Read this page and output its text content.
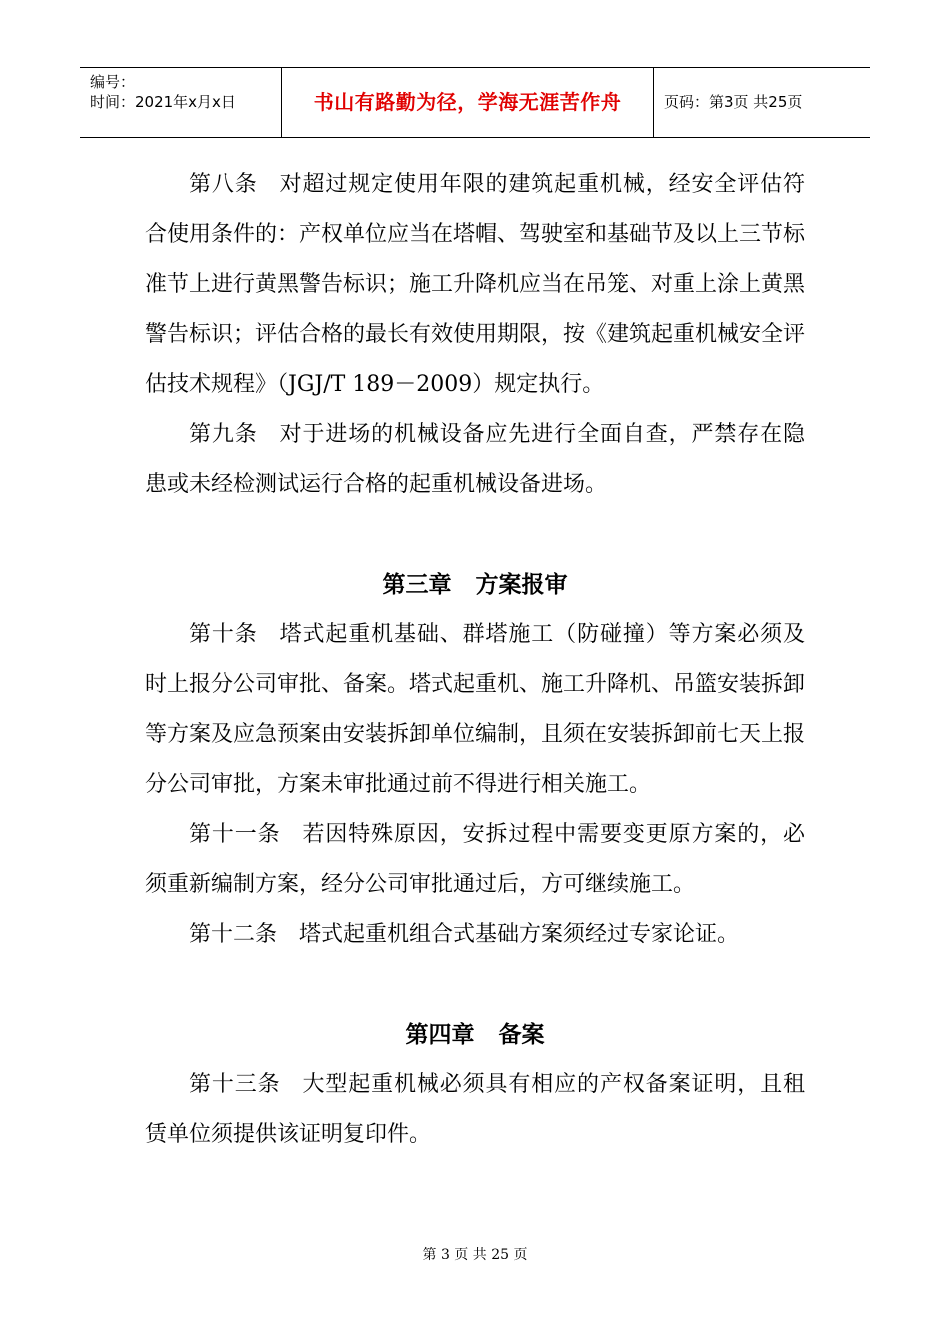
编号：
时间：2021年x月x日	书山有路勤为径，学海无涯苦作舟	页码：第3页 共25页

第八条 对超过规定使用年限的建筑起重机械，经安全评估符合使用条件的：产权单位应当在塔帽、驾驶室和基础节及以上三节标准节上进行黄黑警告标识；施工升降机应当在吊笼、对重上涂上黄黑警告标识；评估合格的最长有效使用期限，按《建筑起重机械安全评估技术规程》（JGJ/T 189－2009）规定执行。

第九条 对于进场的机械设备应先进行全面自查，严禁存在隐患或未经检测试运行合格的起重机械设备进场。

第三章 方案报审

第十条 塔式起重机基础、群塔施工（防碰撞）等方案必须及时上报分公司审批、备案。塔式起重机、施工升降机、吊篮安装拆卸等方案及应急预案由安装拆卸单位编制，且须在安装拆卸前七天上报分公司审批，方案未审批通过前不得进行相关施工。

第十一条 若因特殊原因，安拆过程中需要变更原方案的，必须重新编制方案，经分公司审批通过后，方可继续施工。

第十二条 塔式起重机组合式基础方案须经过专家论证。

第四章 备案

第十三条 大型起重机械必须具有相应的产权备案证明，且租赁单位须提供该证明复印件。

第 3 页 共 25 页
